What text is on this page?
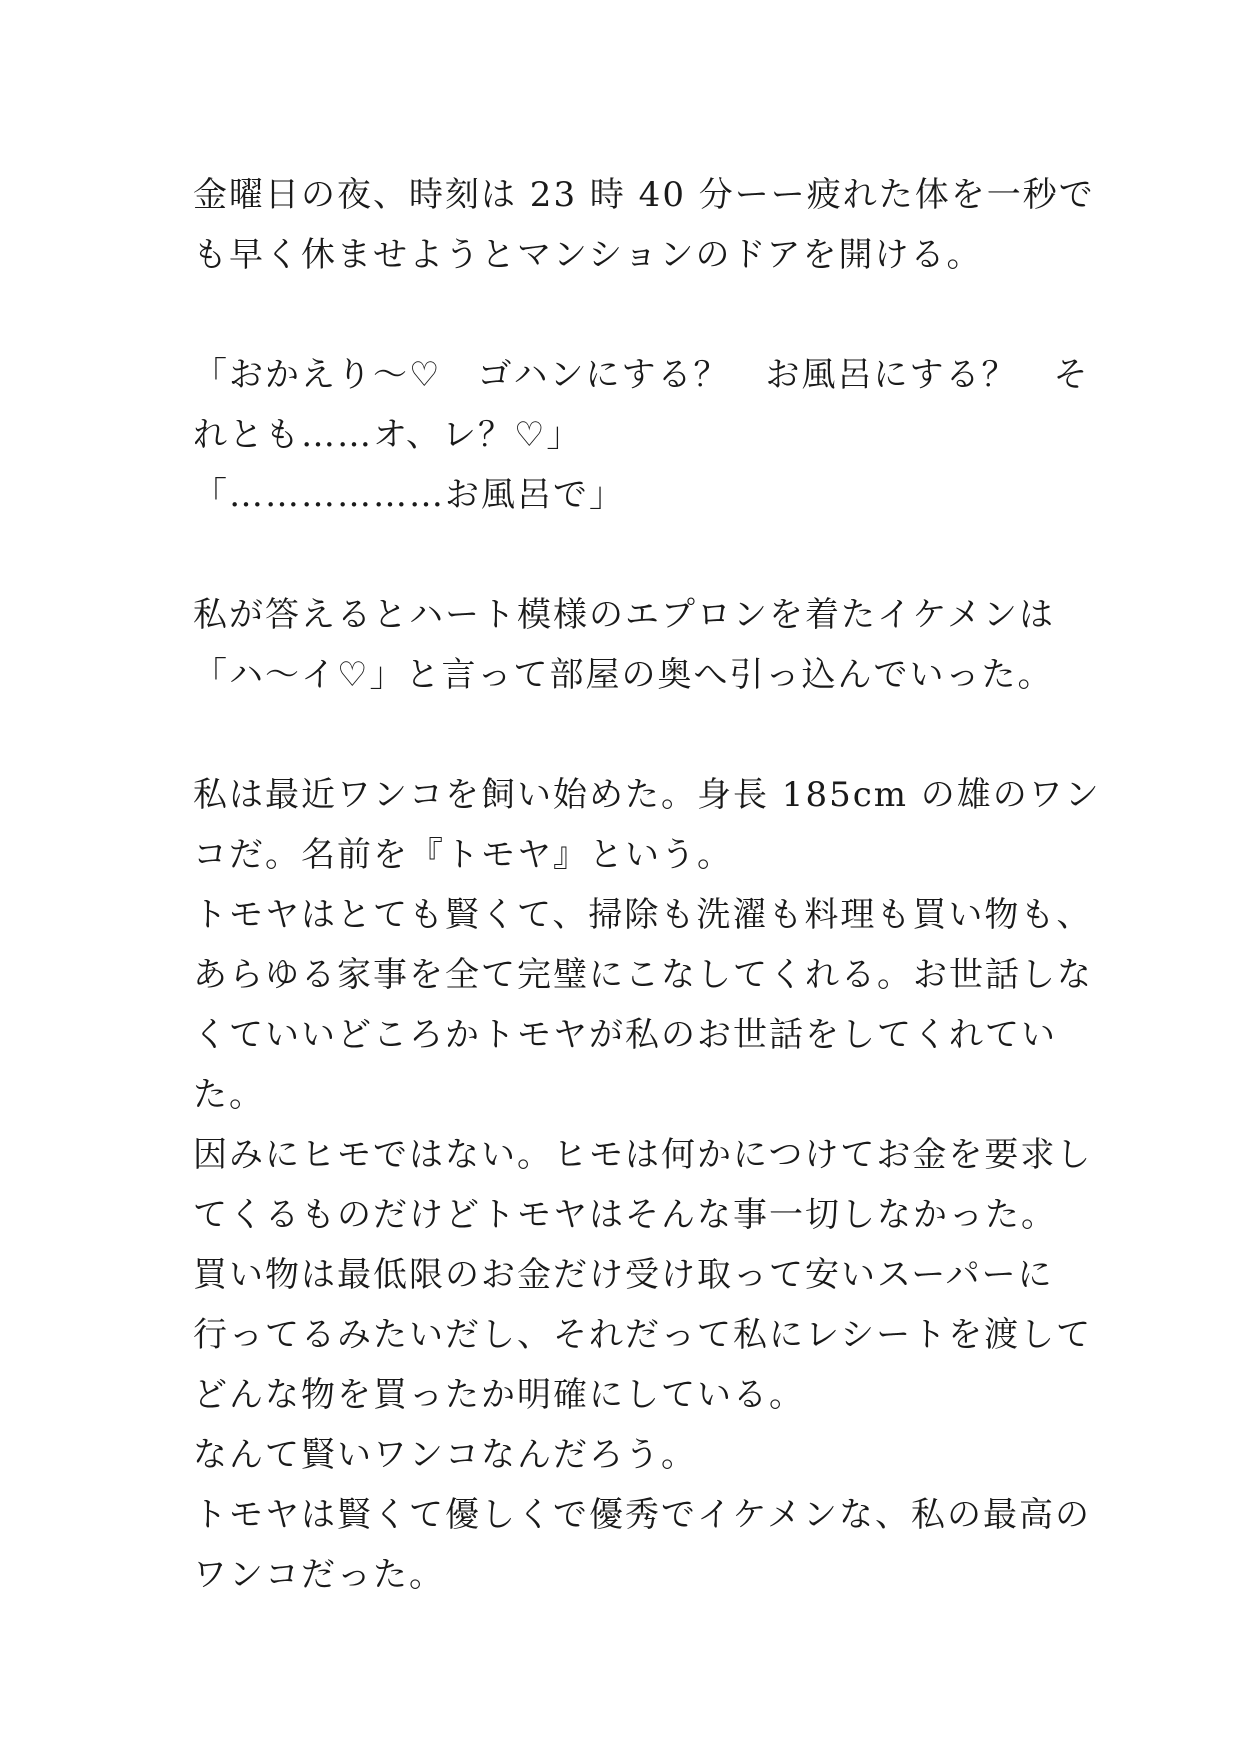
金曜日の夜、時刻は 23 時 40 分ーー疲れた体を一秒で
も早く休ませようとマンションのドアを開ける。
「おかえり〜♡　ゴハンにする？　お風呂にする？　そ
れとも……オ、レ？♡」
「………………お風呂で」
私が答えるとハート模様のエプロンを着たイケメンは
「ハ〜イ♡」と言って部屋の奥へ引っ込んでいった。
私は最近ワンコを飼い始めた。身長 185cm の雄のワン
コだ。名前を『トモヤ』という。
トモヤはとても賢くて、掃除も洗濯も料理も買い物も、
あらゆる家事を全て完璧にこなしてくれる。お世話しな
くていいどころかトモヤが私のお世話をしてくれてい
た。
因みにヒモではない。ヒモは何かにつけてお金を要求し
てくるものだけどトモヤはそんな事一切しなかった。
買い物は最低限のお金だけ受け取って安いスーパーに
行ってるみたいだし、それだって私にレシートを渡して
どんな物を買ったか明確にしている。
なんて賢いワンコなんだろう。
トモヤは賢くて優しくで優秀でイケメンな、私の最高の
ワンコだった。
